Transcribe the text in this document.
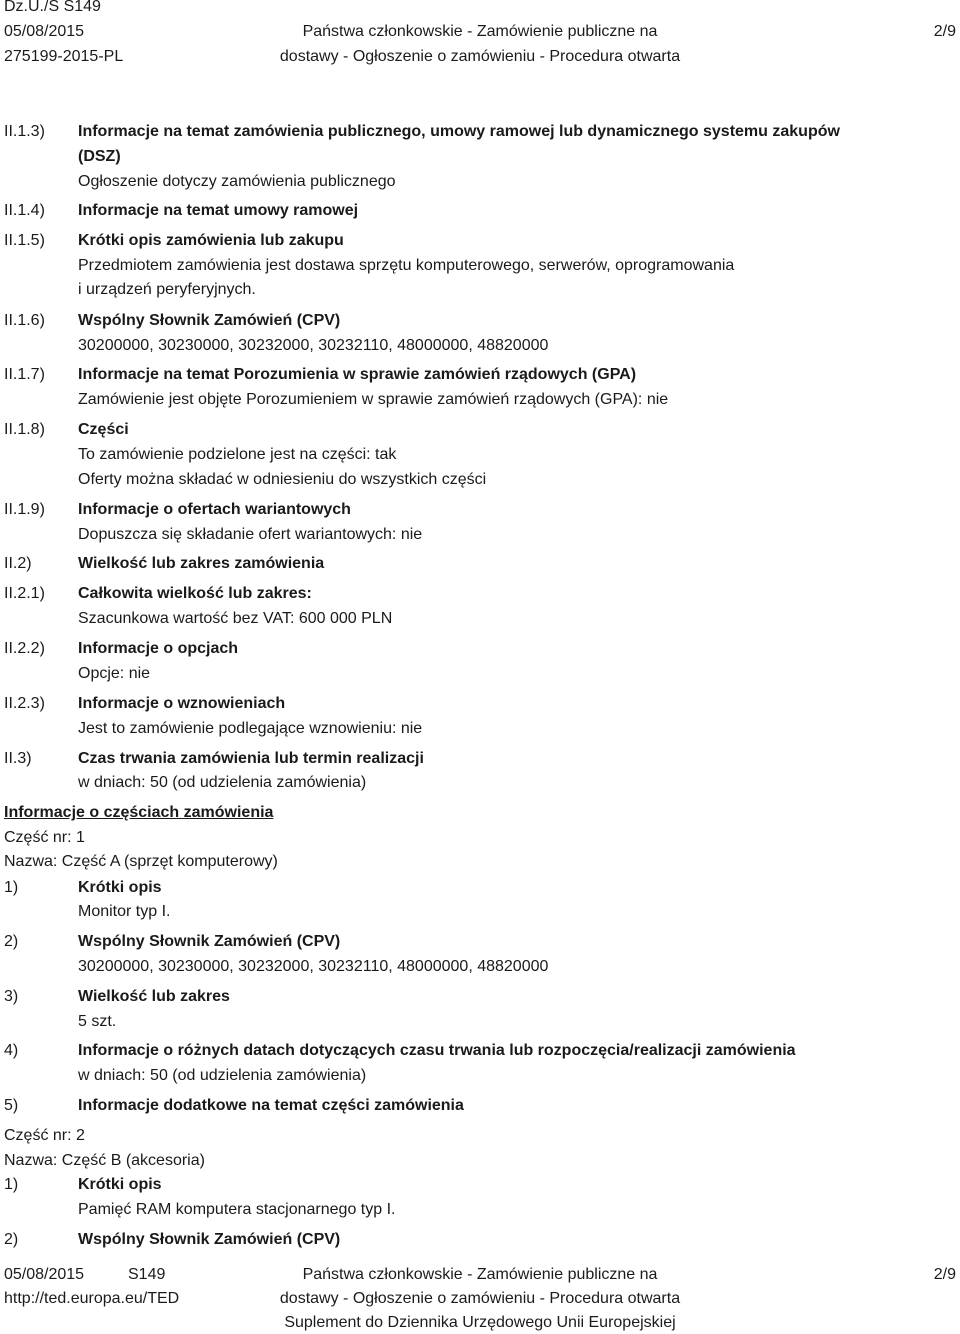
Dz.U./S S149
05/08/2015
275199-2015-PL
Państwa członkowskie - Zamówienie publiczne na
dostawy - Ogłoszenie o zamówieniu - Procedura otwarta
2/9
II.1.3) Informacje na temat zamówienia publicznego, umowy ramowej lub dynamicznego systemu zakupów
(DSZ)
Ogłoszenie dotyczy zamówienia publicznego
II.1.4) Informacje na temat umowy ramowej
II.1.5) Krótki opis zamówienia lub zakupu
Przedmiotem zamówienia jest dostawa sprzętu komputerowego, serwerów, oprogramowania
i urządzeń peryferyjnych.
II.1.6) Wspólny Słownik Zamówień (CPV)
30200000, 30230000, 30232000, 30232110, 48000000, 48820000
II.1.7) Informacje na temat Porozumienia w sprawie zamówień rządowych (GPA)
Zamówienie jest objęte Porozumieniem w sprawie zamówień rządowych (GPA): nie
II.1.8) Części
To zamówienie podzielone jest na części: tak
Oferty można składać w odniesieniu do wszystkich części
II.1.9) Informacje o ofertach wariantowych
Dopuszcza się składanie ofert wariantowych: nie
II.2)	Wielkość lub zakres zamówienia
II.2.1) Całkowita wielkość lub zakres:
Szacunkowa wartość bez VAT: 600 000 PLN
II.2.2) Informacje o opcjach
Opcje: nie
II.2.3) Informacje o wznowieniach
Jest to zamówienie podlegające wznowieniu: nie
II.3)	Czas trwania zamówienia lub termin realizacji
w dniach: 50 (od udzielenia zamówienia)
Informacje o częściach zamówienia
Część nr: 1
Nazwa: Część A (sprzęt komputerowy)
1)	Krótki opis
Monitor typ I.
2)	Wspólny Słownik Zamówień (CPV)
30200000, 30230000, 30232000, 30232110, 48000000, 48820000
3)	Wielkość lub zakres
5 szt.
4)	Informacje o różnych datach dotyczących czasu trwania lub rozpoczęcia/realizacji zamówienia
w dniach: 50 (od udzielenia zamówienia)
5)	Informacje dodatkowe na temat części zamówienia
Część nr: 2
Nazwa: Część B (akcesoria)
1)	Krótki opis
Pamięć RAM komputera stacjonarnego typ I.
2)	Wspólny Słownik Zamówień (CPV)
05/08/2015	S149
http://ted.europa.eu/TED
Państwa członkowskie - Zamówienie publiczne na
dostawy - Ogłoszenie o zamówieniu - Procedura otwarta
Suplement do Dziennika Urzędowego Unii Europejskiej
2/9
